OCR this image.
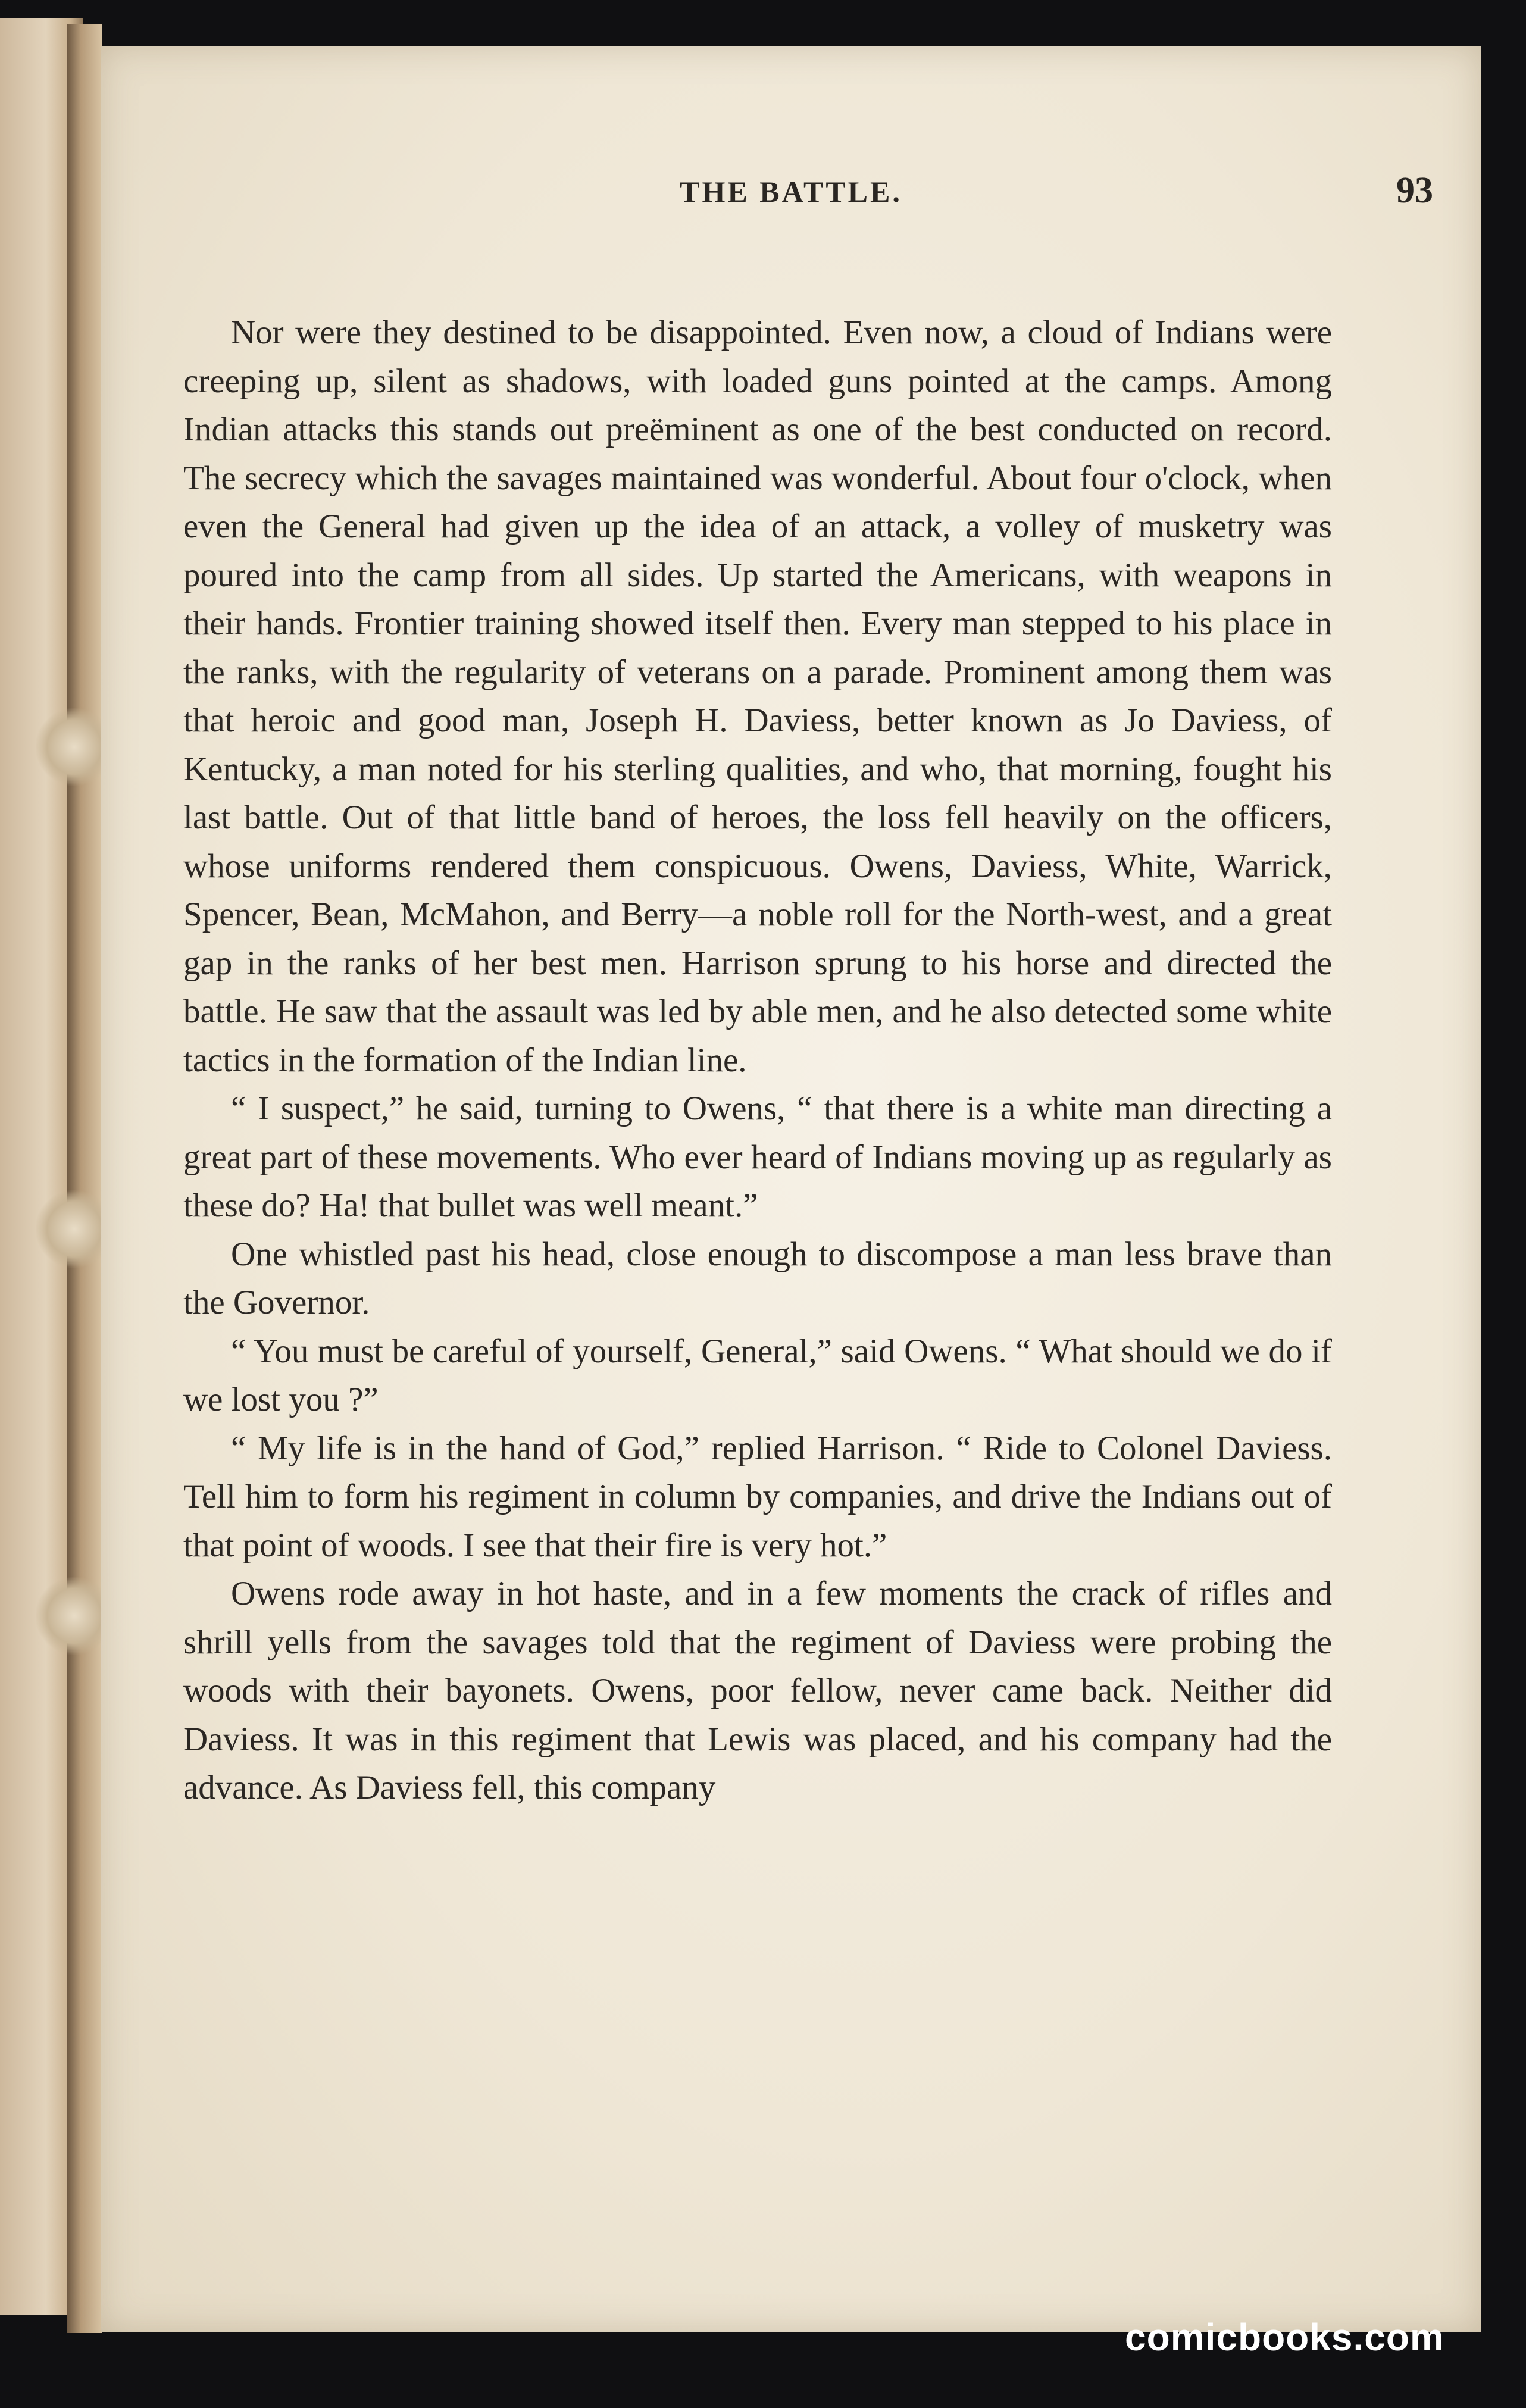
THE BATTLE.	93

Nor were they destined to be disappointed. Even now, a cloud of Indians were creeping up, silent as shadows, with loaded guns pointed at the camps. Among Indian attacks this stands out preëminent as one of the best conducted on record. The secrecy which the savages maintained was wonderful. About four o'clock, when even the General had given up the idea of an attack, a volley of musketry was poured into the camp from all sides. Up started the Americans, with weapons in their hands. Frontier training showed itself then. Every man stepped to his place in the ranks, with the regularity of veterans on a parade. Prominent among them was that heroic and good man, Joseph H. Daviess, better known as Jo Daviess, of Kentucky, a man noted for his sterling qualities, and who, that morning, fought his last battle. Out of that little band of heroes, the loss fell heavily on the officers, whose uniforms rendered them conspicuous. Owens, Daviess, White, Warrick, Spencer, Bean, McMahon, and Berry—a noble roll for the North-west, and a great gap in the ranks of her best men. Harrison sprung to his horse and directed the battle. He saw that the assault was led by able men, and he also detected some white tactics in the formation of the Indian line.

“ I suspect,” he said, turning to Owens, “ that there is a white man directing a great part of these movements. Who ever heard of Indians moving up as regularly as these do? Ha! that bullet was well meant.”

One whistled past his head, close enough to discompose a man less brave than the Governor.

“ You must be careful of yourself, General,” said Owens. “ What should we do if we lost you ?”

“ My life is in the hand of God,” replied Harrison. “ Ride to Colonel Daviess. Tell him to form his regiment in column by companies, and drive the Indians out of that point of woods. I see that their fire is very hot.”

Owens rode away in hot haste, and in a few moments the crack of rifles and shrill yells from the savages told that the regiment of Daviess were probing the woods with their bayonets. Owens, poor fellow, never came back. Neither did Daviess. It was in this regiment that Lewis was placed, and his company had the advance. As Daviess fell, this company

comicbooks.com
